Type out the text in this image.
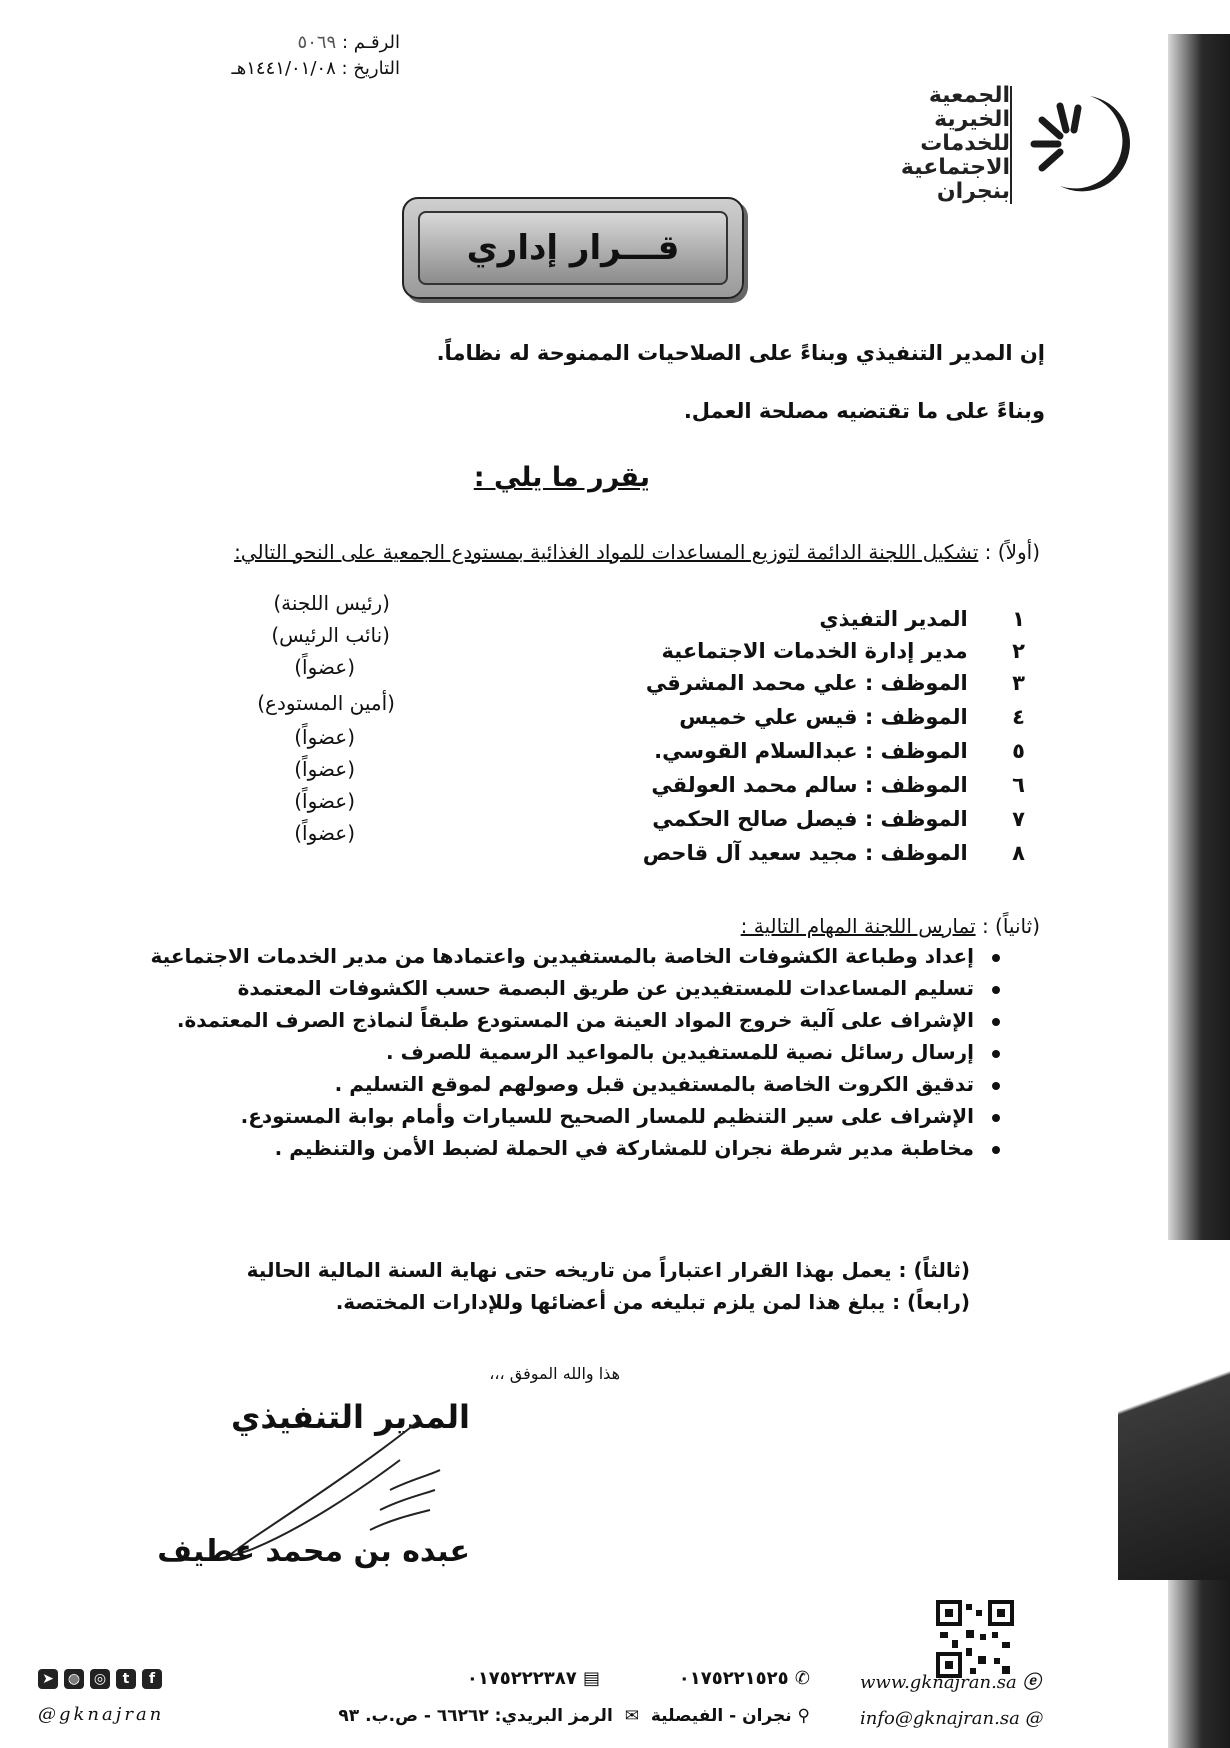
الرقـم : ٥٠٦٩
التاريخ : ١٤٤١/٠١/٠٨هـ
الجمعية
الخيرية
للخدمات
الاجتماعية
بنجران
قـــرار إداري
إن المدير التنفيذي وبناءً على الصلاحيات الممنوحة له نظاماً.
وبناءً على ما تقتضيه مصلحة العمل.
يقرر ما يلي :
(أولاً) : تشكيل اللجنة الدائمة لتوزيع المساعدات للمواد الغذائية بمستودع الجمعية على النحو التالي:
١ المدير التفيذي
٢ مدير إدارة الخدمات الاجتماعية
٣ الموظف : علي محمد المشرقي
٤ الموظف : قيس علي خميس
٥ الموظف : عبدالسلام القوسي.
٦ الموظف : سالم محمد العولقي
٧ الموظف : فيصل صالح الحكمي
٨ الموظف : مجيد سعيد آل قاحص
(رئيس اللجنة)
(نائب الرئيس)
(عضواً)
(أمين المستودع)
(عضواً)
(عضواً)
(عضواً)
(عضواً)
(ثانياً) : تمارس اللجنة المهام التالية :
إعداد وطباعة الكشوفات الخاصة بالمستفيدين واعتمادها من مدير الخدمات الاجتماعية
تسليم المساعدات للمستفيدين عن طريق البصمة حسب الكشوفات المعتمدة
الإشراف على آلية خروج المواد العينة من المستودع طبقاً لنماذج الصرف المعتمدة.
إرسال رسائل نصية للمستفيدين بالمواعيد الرسمية للصرف .
تدقيق الكروت الخاصة بالمستفيدين قبل وصولهم لموقع التسليم .
الإشراف على سير التنظيم للمسار الصحيح للسيارات وأمام بوابة المستودع.
مخاطبة مدير شرطة نجران للمشاركة في الحملة لضبط الأمن والتنظيم .
(ثالثاً) : يعمل بهذا القرار اعتباراً من تاريخه حتى نهاية السنة المالية الحالية
(رابعاً) : يبلغ هذا لمن يلزم تبليغه من أعضائها وللإدارات المختصة.
هذا والله الموفق ،،،
المدير التنفيذي
عبده بن محمد عطيف
www.gknajran.sa ⓔ
info@gknajran.sa @
✆ ٠١٧٥٢٢١٥٢٥
▤ ٠١٧٥٢٢٢٣٨٧
⚲ نجران - الفيصلية ✉ الرمز البريدي: ٦٦٢٦٢ - ص.ب. ٩٣
➤ ◍ ◎ t f
@gknajran
